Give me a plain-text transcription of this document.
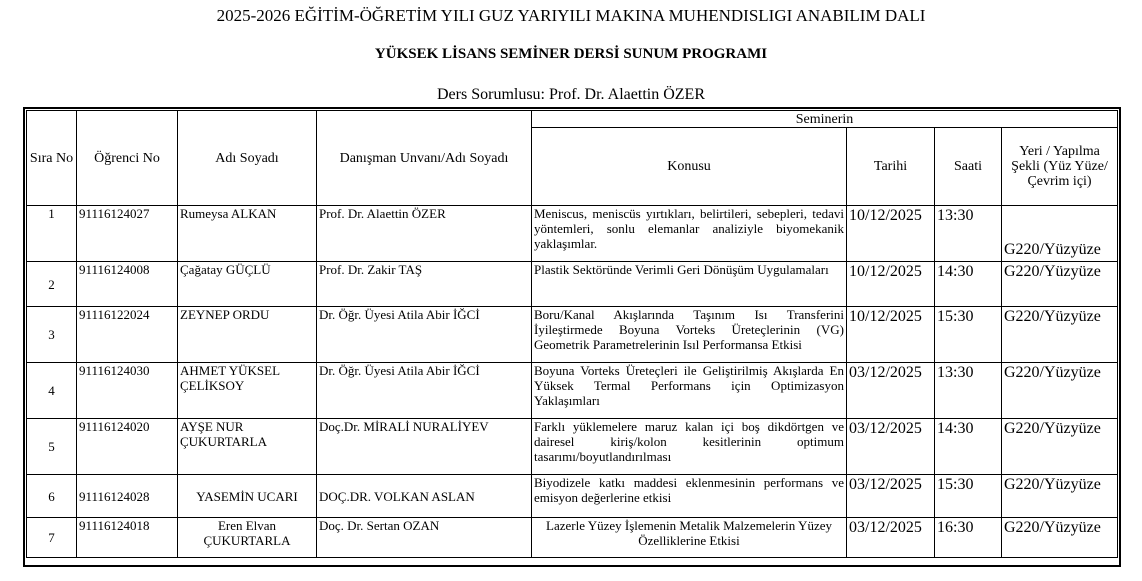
2025-2026 EĞİTİM-ÖĞRETİM YILI GUZ YARIYILI MAKINA MUHENDISLIGI ANABILIM DALI
YÜKSEK LİSANS SEMİNER DERSİ SUNUM PROGRAMI
Ders Sorumlusu: Prof. Dr. Alaettin ÖZER
Sıra No	Öğrenci No	Adı Soyadı	Danışman Unvanı/Adı Soyadı	Seminerin			
				Konusu	Tarihi	Saati	Yeri / Yapılma Şekli (Yüz Yüze/ Çevrim içi)
1	91116124027	Rumeysa ALKAN	Prof. Dr. Alaettin ÖZER	Meniscus, meniscüs yırtıkları, belirtileri, sebepleri, tedavi yöntemleri, sonlu elemanlar analiziyle biyomekanik yaklaşımlar.	10/12/2025	13:30	G220/Yüzyüze
2	91116124008	Çağatay GÜÇLÜ	Prof. Dr. Zakir TAŞ	Plastik Sektöründe Verimli Geri Dönüşüm Uygulamaları	10/12/2025	14:30	G220/Yüzyüze
3	91116122024	ZEYNEP ORDU	Dr. Öğr. Üyesi Atila Abir İĞCİ	Boru/Kanal Akışlarında Taşınım Isı Transferini İyileştirmede Boyuna Vorteks Üreteçlerinin (VG) Geometrik Parametrelerinin Isıl Performansa Etkisi	10/12/2025	15:30	G220/Yüzyüze
4	91116124030	AHMET YÜKSEL ÇELİKSOY	Dr. Öğr. Üyesi Atila Abir İĞCİ	Boyuna Vorteks Üreteçleri ile Geliştirilmiş Akışlarda En Yüksek Termal Performans için Optimizasyon Yaklaşımları	03/12/2025	13:30	G220/Yüzyüze
5	91116124020	AYŞE NUR ÇUKURTARLA	Doç.Dr. MİRALİ NURALİYEV	Farklı yüklemelere maruz kalan içi boş dikdörtgen ve dairesel kiriş/kolon kesitlerinin optimum tasarımı/boyutlandırılması	03/12/2025	14:30	G220/Yüzyüze
6	91116124028	YASEMİN UCARI	DOÇ.DR. VOLKAN ASLAN	Biyodizele katkı maddesi eklenmesinin performans ve emisyon değerlerine etkisi	03/12/2025	15:30	G220/Yüzyüze
7	91116124018	Eren Elvan ÇUKURTARLA	Doç. Dr. Sertan OZAN	Lazerle Yüzey İşlemenin Metalik Malzemelerin Yüzey Özelliklerine Etkisi	03/12/2025	16:30	G220/Yüzyüze
